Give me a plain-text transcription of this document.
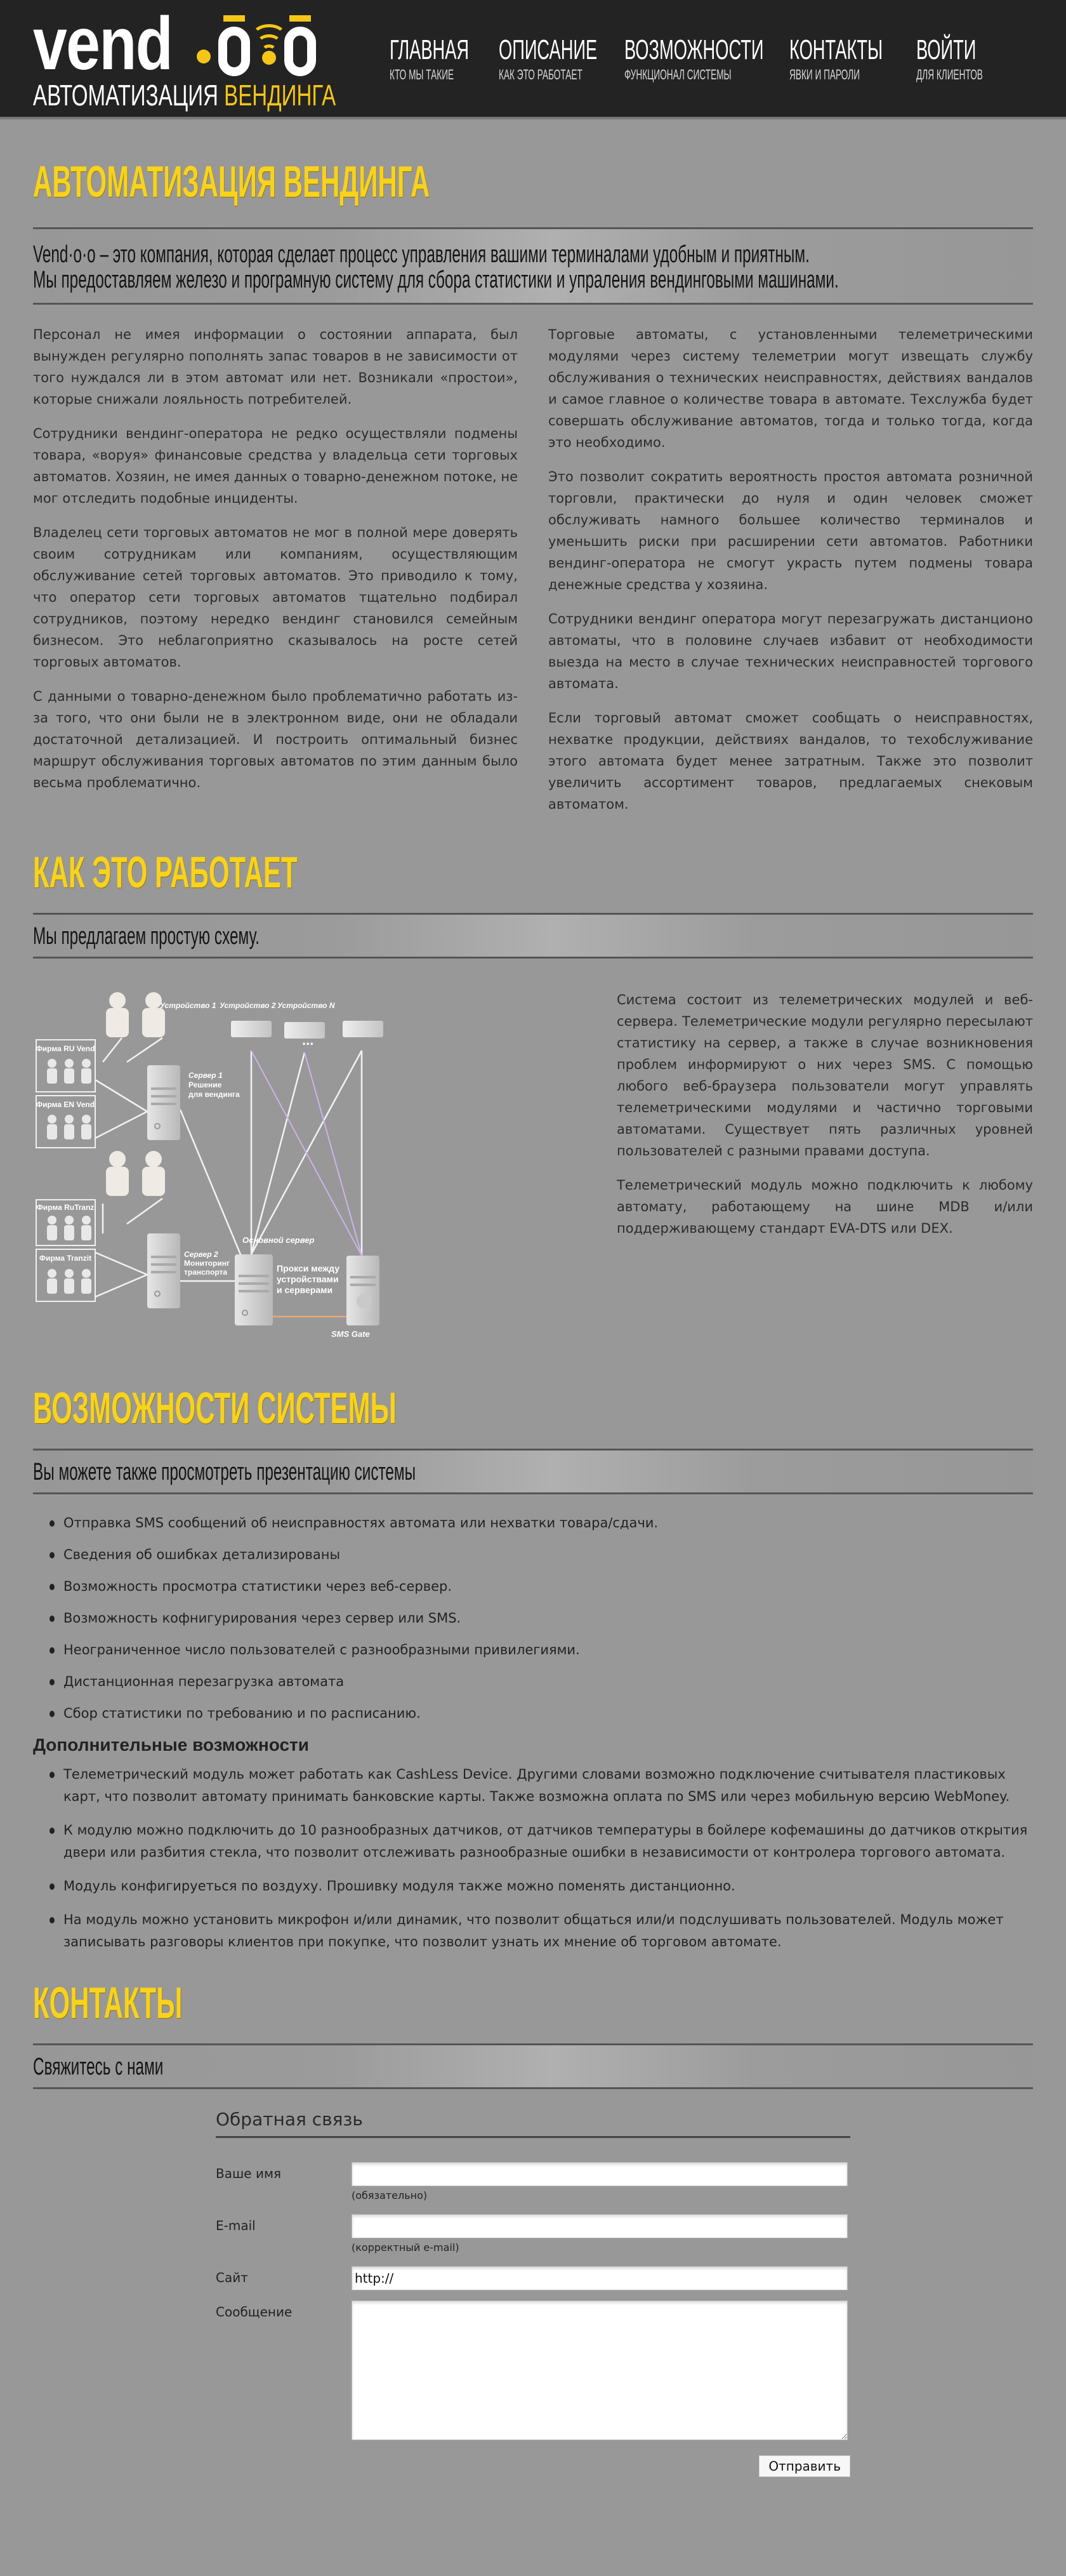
vend
АВТОМАТИЗАЦИЯ ВЕНДИНГА
ГЛАВНАЯ
КТО МЫ ТАКИЕ
ОПИСАНИЕ
КАК ЭТО РАБОТАЕТ
ВОЗМОЖНОСТИ
ФУНКЦИОНАЛ СИСТЕМЫ
КОНТАКТЫ
ЯВКИ И ПАРОЛИ
ВОЙТИ
ДЛЯ КЛИЕНТОВ
АВТОМАТИЗАЦИЯ ВЕНДИНГА
Vend·o·o – это компания, которая сделает процесс управления вашими терминалами удобным и приятным.
Мы предоставляем железо и програмную систему для сбора статистики и упраления вендинговыми машинами.

Персонал не имея информации о состоянии аппарата, был вынужден регулярно пополнять запас товаров в не зависимости от того нуждался ли в этом автомат или нет. Возникали «простои», которые снижали лояльность потребителей.

Сотрудники вендинг-оператора не редко осуществляли подмены товара, «воруя» финансовые средства у владельца сети торговых автоматов. Хозяин, не имея данных о товарно-денежном потоке, не мог отследить подобные инциденты.

Владелец сети торговых автоматов не мог в полной мере доверять своим сотрудникам или компаниям, осуществляющим обслуживание сетей торговых автоматов. Это приводило к тому, что оператор сети торговых автоматов тщательно подбирал сотрудников, поэтому нередко вендинг становился семейным бизнесом. Это неблагоприятно сказывалось на росте сетей торговых автоматов.

С данными о товарно-денежном было проблематично работать из-за того, что они были не в электронном виде, они не обладали достаточной детализацией. И построить оптимальный бизнес маршрут обслуживания торговых автоматов по этим данным было весьма проблематично.

Торговые автоматы, с установленными телеметрическими модулями через систему телеметрии могут извещать службу обслуживания о технических неисправностях, действиях вандалов и самое главное о количестве товара в автомате. Техслужба будет совершать обслуживание автоматов, тогда и только тогда, когда это необходимо.

Это позволит сократить вероятность простоя автомата розничной торговли, практически до нуля и один человек сможет обслуживать намного большее количество терминалов и уменьшить риски при расширении сети автоматов. Работники вендинг-оператора не смогут украсть путем подмены товара денежные средства у хозяина.

Сотрудники вендинг оператора могут перезагружать дистанционо автоматы, что в половине случаев избавит от необходимости выезда на место в случае технических неисправностей торгового автомата.

Если торговый автомат сможет сообщать о неисправностях, нехватке продукции, действиях вандалов, то техобслуживание этого автомата будет менее затратным. Также это позволит увеличить ассортимент товаров, предлагаемых снековым автоматом.

КАК ЭТО РАБОТАЕТ
Мы предлагаем простую схему.
Фирма RU Vend
Фирма EN Vend
Фирма RuTranz
Фирма Tranzit
...
Устройство 1 Устройство 2 Устройство N
Сервер 1
Решение
для вендинга
Сервер 2
Мониторинг
транспорта
Основной сервер
Прокси между
устройствами
и серверами
SMS Gate

Система состоит из телеметрических модулей и веб-сервера. Телеметрические модули регулярно пересылают статистику на сервер, а также в случае возникновения проблем информируют о них через SMS. С помощью любого веб-браузера пользователи могут управлять телеметрическими модулями и частично торговыми автоматами. Существует пять различных уровней пользователей с разными правами доступа.

Телеметрический модуль можно подключить к любому автомату, работающему на шине MDB и/или поддерживающему стандарт EVA-DTS или DEX.

ВОЗМОЖНОСТИ СИСТЕМЫ
Вы можете также просмотреть презентацию системы
Отправка SMS сообщений об неисправностях автомата или нехватки товара/сдачи.
Сведения об ошибках детализированы
Возможность просмотра статистики через веб-сервер.
Возможность кофнигурирования через сервер или SMS.
Неограниченное число пользователей с разнообразными привилегиями.
Дистанционная перезагрузка автомата
Сбор статистики по требованию и по расписанию.
Дополнительные возможности
Телеметрический модуль может работать как CashLess Device. Другими словами возможно подключение считывателя пластиковых карт, что позволит автомату принимать банковские карты. Также возможна оплата по SMS или через мобильную версию WebMoney.
К модулю можно подключить до 10 разнообразных датчиков, от датчиков температуры в бойлере кофемашины до датчиков открытия двери или разбития стекла, что позволит отслеживать разнообразные ошибки в независимости от контролера торгового автомата.
Модуль конфигируеться по воздуху. Прошивку модуля также можно поменять дистанционно.
На модуль можно установить микрофон и/или динамик, что позволит общаться или/и подслушивать пользователей. Модуль может записывать разговоры клиентов при покупке, что позволит узнать их мнение об торговом автомате.
КОНТАКТЫ
Свяжитесь с нами
Обратная связь
Ваше имя
(обязательно)
E-mail
(корректный e-mail)
Сайт
http://
Сообщение
Отправить
